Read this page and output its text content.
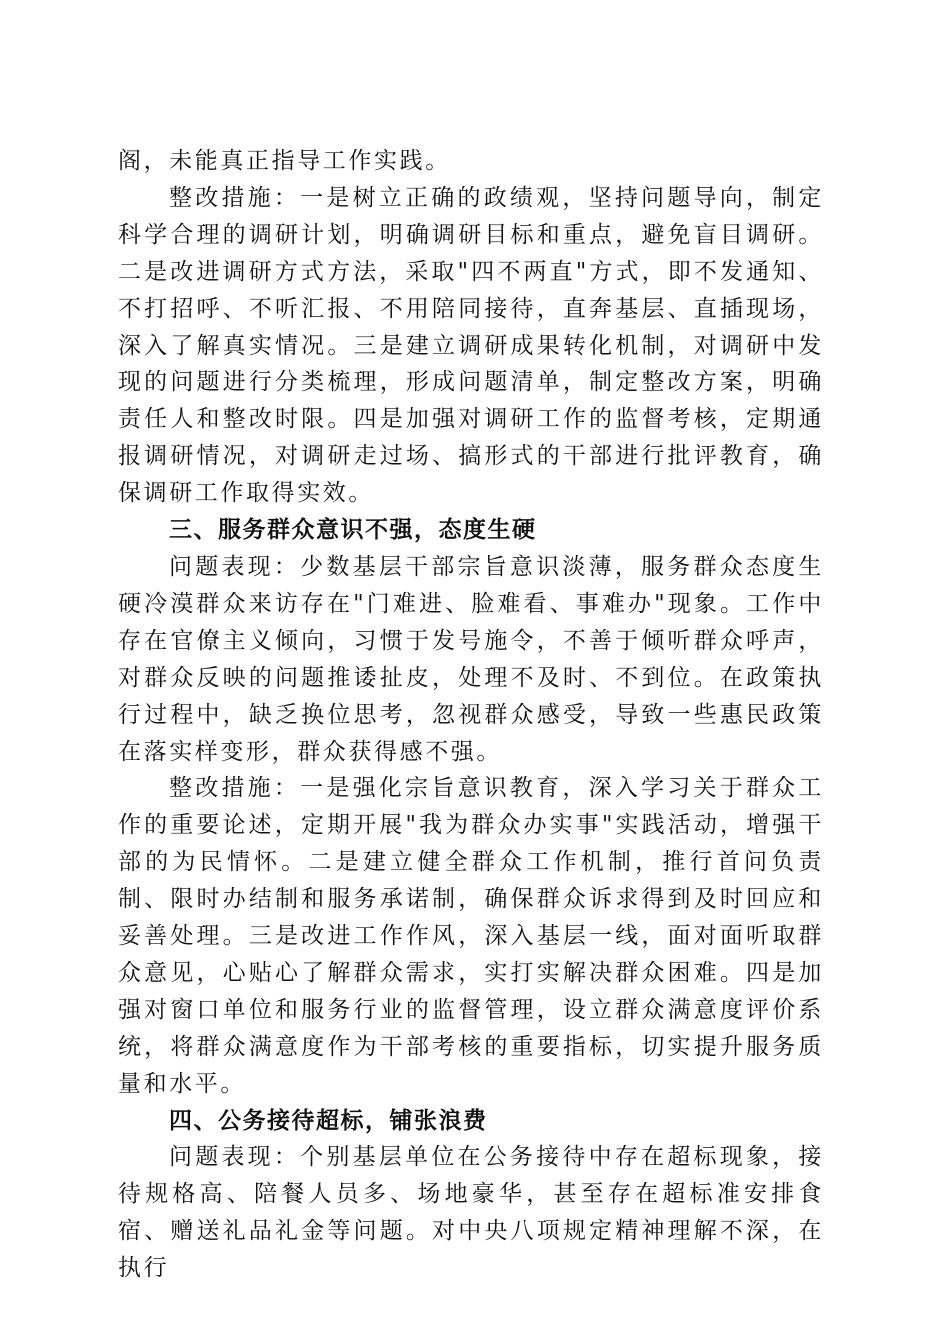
阁，未能真正指导工作实践。

整改措施：一是树立正确的政绩观，坚持问题导向，制定科学合理的调研计划，明确调研目标和重点，避免盲目调研。二是改进调研方式方法，采取"四不两直"方式，即不发通知、不打招呼、不听汇报、不用陪同接待，直奔基层、直插现场，深入了解真实情况。三是建立调研成果转化机制，对调研中发现的问题进行分类梳理，形成问题清单，制定整改方案，明确责任人和整改时限。四是加强对调研工作的监督考核，定期通报调研情况，对调研走过场、搞形式的干部进行批评教育，确保调研工作取得实效。

三、服务群众意识不强，态度生硬

问题表现：少数基层干部宗旨意识淡薄，服务群众态度生硬冷漠群众来访存在"门难进、脸难看、事难办"现象。工作中存在官僚主义倾向，习惯于发号施令，不善于倾听群众呼声，对群众反映的问题推诿扯皮，处理不及时、不到位。在政策执行过程中，缺乏换位思考，忽视群众感受，导致一些惠民政策在落实样变形，群众获得感不强。

整改措施：一是强化宗旨意识教育，深入学习关于群众工作的重要论述，定期开展"我为群众办实事"实践活动，增强干部的为民情怀。二是建立健全群众工作机制，推行首问负责制、限时办结制和服务承诺制，确保群众诉求得到及时回应和妥善处理。三是改进工作作风，深入基层一线，面对面听取群众意见，心贴心了解群众需求，实打实解决群众困难。四是加强对窗口单位和服务行业的监督管理，设立群众满意度评价系统，将群众满意度作为干部考核的重要指标，切实提升服务质量和水平。

四、公务接待超标，铺张浪费

问题表现：个别基层单位在公务接待中存在超标现象，接待规格高、陪餐人员多、场地豪华，甚至存在超标准安排食宿、赠送礼品礼金等问题。对中央八项规定精神理解不深，在执行
